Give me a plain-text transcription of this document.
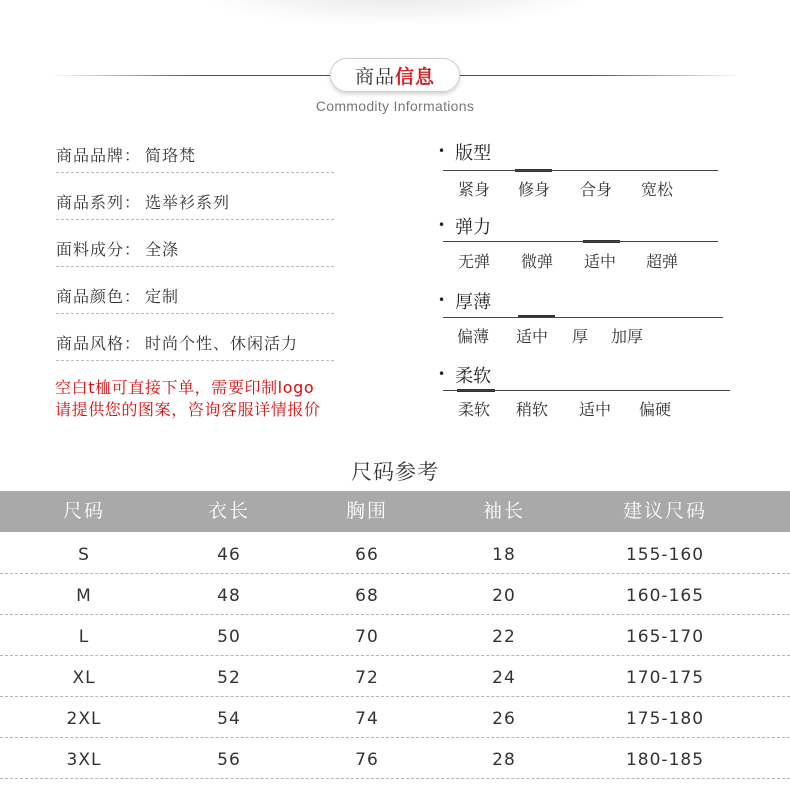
商品 信息
Commodity Informations
商品品牌： 简珞梵
商品系列： 选举衫系列
面料成分： 全涤
商品颜色： 定制
商品风格： 时尚个性、休闲活力
空白t桖可直接下单，需要印制logo
请提供您的图案，咨询客服详情报价
• 版型
紧身 修身 合身 宽松
• 弹力
无弹 微弹 适中 超弹
• 厚薄
偏薄 适中 厚 加厚
• 柔软
柔软 稍软 适中 偏硬
尺码参考
尺码	衣长	胸围	袖长	建议尺码
S	46	66	18	155-160
M	48	68	20	160-165
L	50	70	22	165-170
XL	52	72	24	170-175
2XL	54	74	26	175-180
3XL	56	76	28	180-185
